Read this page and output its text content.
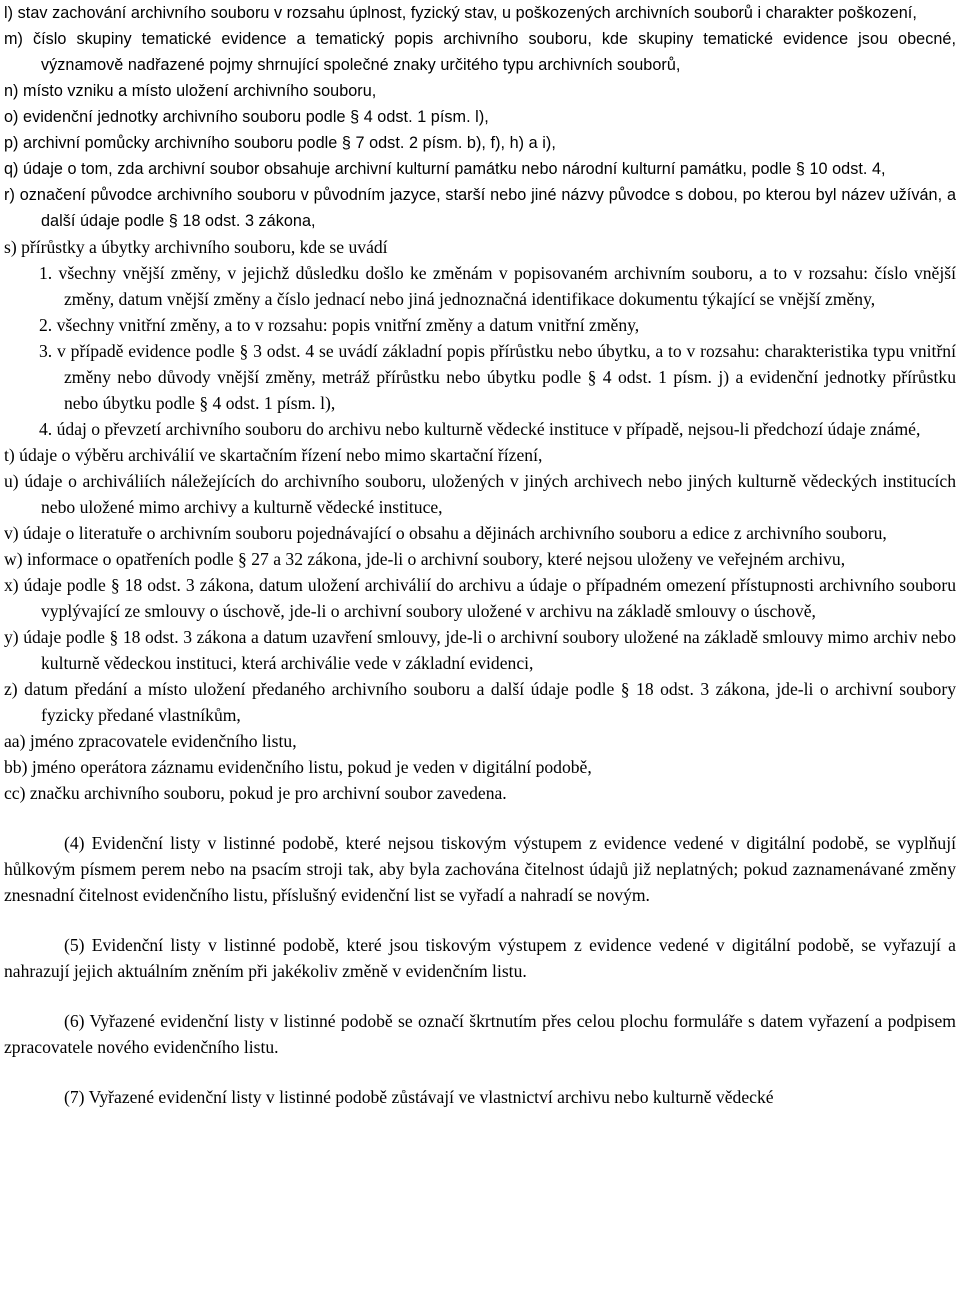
l) stav zachování archivního souboru v rozsahu úplnost, fyzický stav, u poškozených archivních souborů i charakter poškození,

m) číslo skupiny tematické evidence a tematický popis archivního souboru, kde skupiny tematické evidence jsou obecné, významově nadřazené pojmy shrnující společné znaky určitého typu archivních souborů,

n) místo vzniku a místo uložení archivního souboru,

o) evidenční jednotky archivního souboru podle § 4 odst. 1 písm. l),

p) archivní pomůcky archivního souboru podle § 7 odst. 2 písm. b), f), h) a i),

q) údaje o tom, zda archivní soubor obsahuje archivní kulturní památku nebo národní kulturní památku, podle § 10 odst. 4,

r) označení původce archivního souboru v původním jazyce, starší nebo jiné názvy původce s dobou, po kterou byl název užíván, a další údaje podle § 18 odst. 3 zákona,

s) přírůstky a úbytky archivního souboru, kde se uvádí

1. všechny vnější změny, v jejichž důsledku došlo ke změnám v popisovaném archivním souboru, a to v rozsahu: číslo vnější změny, datum vnější změny a číslo jednací nebo jiná jednoznačná identifikace dokumentu týkající se vnější změny,

2. všechny vnitřní změny, a to v rozsahu: popis vnitřní změny a datum vnitřní změny,

3. v případě evidence podle § 3 odst. 4 se uvádí základní popis přírůstku nebo úbytku, a to v rozsahu: charakteristika typu vnitřní změny nebo důvody vnější změny, metráž přírůstku nebo úbytku podle § 4 odst. 1 písm. j) a evidenční jednotky přírůstku nebo úbytku podle § 4 odst. 1 písm. l),

4. údaj o převzetí archivního souboru do archivu nebo kulturně vědecké instituce v případě, nejsou-li předchozí údaje známé,

t) údaje o výběru archiválií ve skartačním řízení nebo mimo skartační řízení,

u) údaje o archiváliích náležejících do archivního souboru, uložených v jiných archivech nebo jiných kulturně vědeckých institucích nebo uložené mimo archivy a kulturně vědecké instituce,

v) údaje o literatuře o archivním souboru pojednávající o obsahu a dějinách archivního souboru a edice z archivního souboru,

w) informace o opatřeních podle § 27 a 32 zákona, jde-li o archivní soubory, které nejsou uloženy ve veřejném archivu,

x) údaje podle § 18 odst. 3 zákona, datum uložení archiválií do archivu a údaje o případném omezení přístupnosti archivního souboru vyplývající ze smlouvy o úschově, jde-li o archivní soubory uložené v archivu na základě smlouvy o úschově,

y) údaje podle § 18 odst. 3 zákona a datum uzavření smlouvy, jde-li o archivní soubory uložené na základě smlouvy mimo archiv nebo kulturně vědeckou instituci, která archiválie vede v základní evidenci,

z) datum předání a místo uložení předaného archivního souboru a další údaje podle § 18 odst. 3 zákona, jde-li o archivní soubory fyzicky předané vlastníkům,

aa) jméno zpracovatele evidenčního listu,

bb) jméno operátora záznamu evidenčního listu, pokud je veden v digitální podobě,

cc) značku archivního souboru, pokud je pro archivní soubor zavedena.

(4) Evidenční listy v listinné podobě, které nejsou tiskovým výstupem z evidence vedené v digitální podobě, se vyplňují hůlkovým písmem perem nebo na psacím stroji tak, aby byla zachována čitelnost údajů již neplatných; pokud zaznamenávané změny znesnadní čitelnost evidenčního listu, příslušný evidenční list se vyřadí a nahradí se novým.

(5) Evidenční listy v listinné podobě, které jsou tiskovým výstupem z evidence vedené v digitální podobě, se vyřazují a nahrazují jejich aktuálním zněním při jakékoliv změně v evidenčním listu.

(6) Vyřazené evidenční listy v listinné podobě se označí škrtnutím přes celou plochu formuláře s datem vyřazení a podpisem zpracovatele nového evidenčního listu.

(7) Vyřazené evidenční listy v listinné podobě zůstávají ve vlastnictví archivu nebo kulturně vědecké
